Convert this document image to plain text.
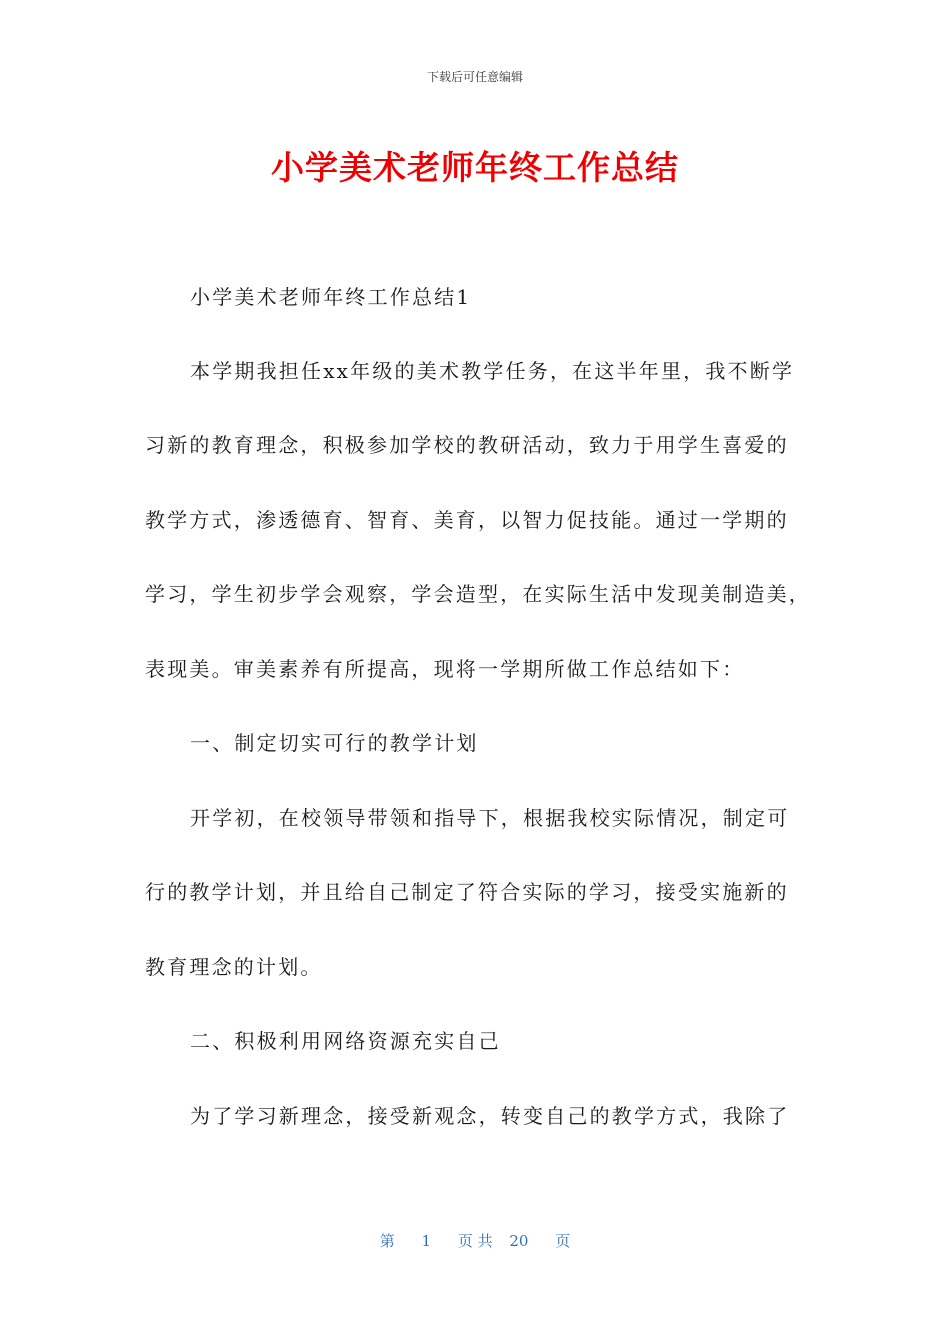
下载后可任意编辑
小学美术老师年终工作总结
小学美术老师年终工作总结1
本学期我担任xx年级的美术教学任务，在这半年里，我不断学
习新的教育理念，积极参加学校的教研活动，致力于用学生喜爱的
教学方式，渗透德育、智育、美育，以智力促技能。通过一学期的
学习，学生初步学会观察，学会造型，在实际生活中发现美制造美，
表现美。审美素养有所提高，现将一学期所做工作总结如下：
一、制定切实可行的教学计划
开学初，在校领导带领和指导下，根据我校实际情况，制定可
行的教学计划，并且给自己制定了符合实际的学习，接受实施新的
教育理念的计划。
二、积极利用网络资源充实自己
为了学习新理念，接受新观念，转变自己的教学方式，我除了
第 1 页 共 20 页
